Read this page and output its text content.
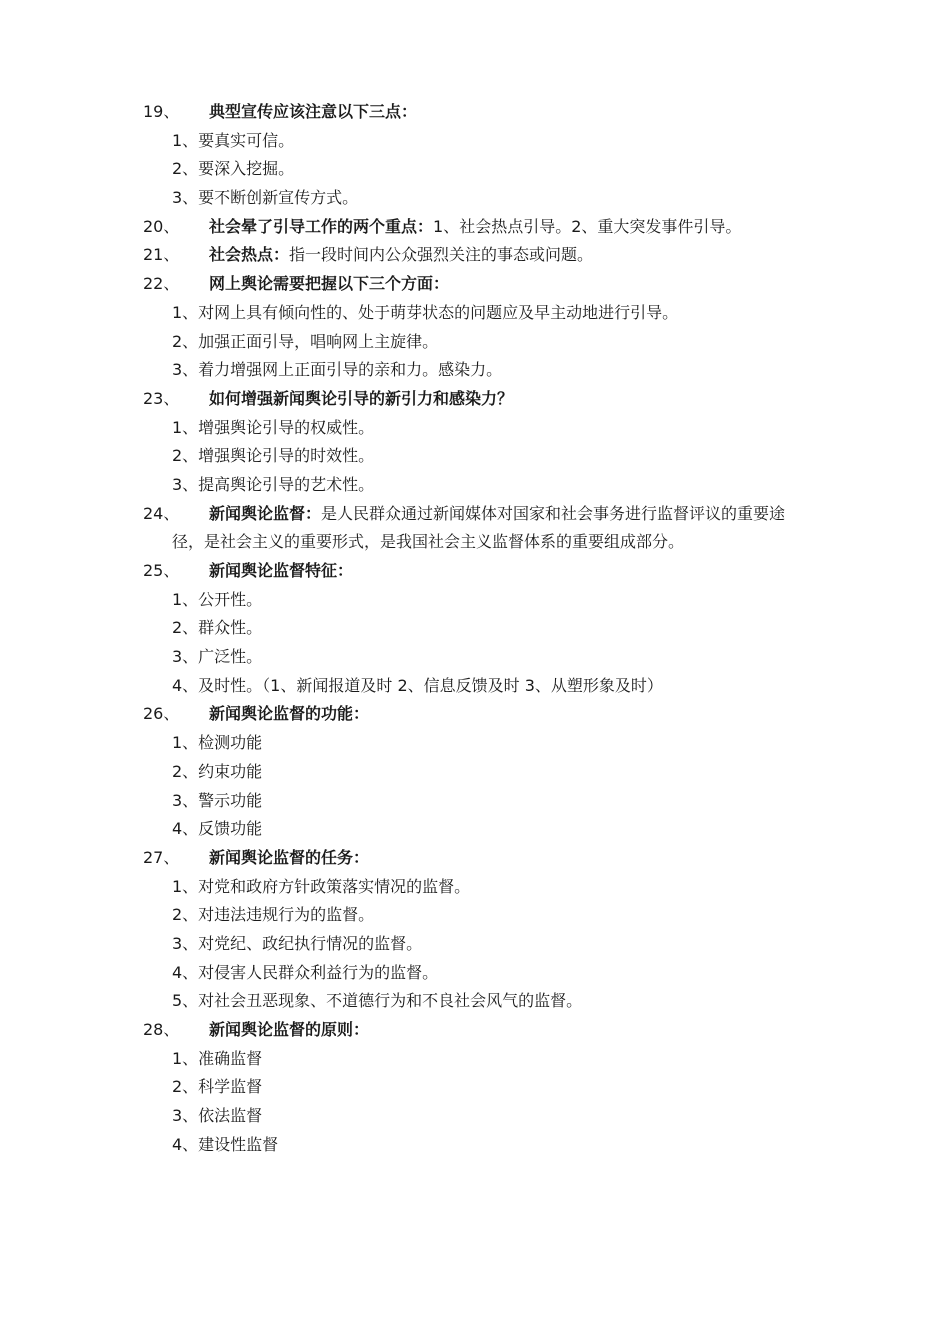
19、 典型宣传应该注意以下三点：
1、要真实可信。
2、要深入挖掘。
3、要不断创新宣传方式。
20、 社会晕了引导工作的两个重点：1、社会热点引导。2、重大突发事件引导。
21、 社会热点：指一段时间内公众强烈关注的事态或问题。
22、 网上舆论需要把握以下三个方面：
1、对网上具有倾向性的、处于萌芽状态的问题应及早主动地进行引导。
2、加强正面引导，唱响网上主旋律。
3、着力增强网上正面引导的亲和力。感染力。
23、 如何增强新闻舆论引导的新引力和感染力？
1、增强舆论引导的权威性。
2、增强舆论引导的时效性。
3、提高舆论引导的艺术性。
24、 新闻舆论监督：是人民群众通过新闻媒体对国家和社会事务进行监督评议的重要途
径，是社会主义的重要形式，是我国社会主义监督体系的重要组成部分。
25、 新闻舆论监督特征：
1、公开性。
2、群众性。
3、广泛性。
4、及时性。（1、新闻报道及时 2、信息反馈及时 3、从塑形象及时）
26、 新闻舆论监督的功能：
1、检测功能
2、约束功能
3、警示功能
4、反馈功能
27、 新闻舆论监督的任务：
1、对党和政府方针政策落实情况的监督。
2、对违法违规行为的监督。
3、对党纪、政纪执行情况的监督。
4、对侵害人民群众利益行为的监督。
5、对社会丑恶现象、不道德行为和不良社会风气的监督。
28、 新闻舆论监督的原则：
1、准确监督
2、科学监督
3、依法监督
4、建设性监督
